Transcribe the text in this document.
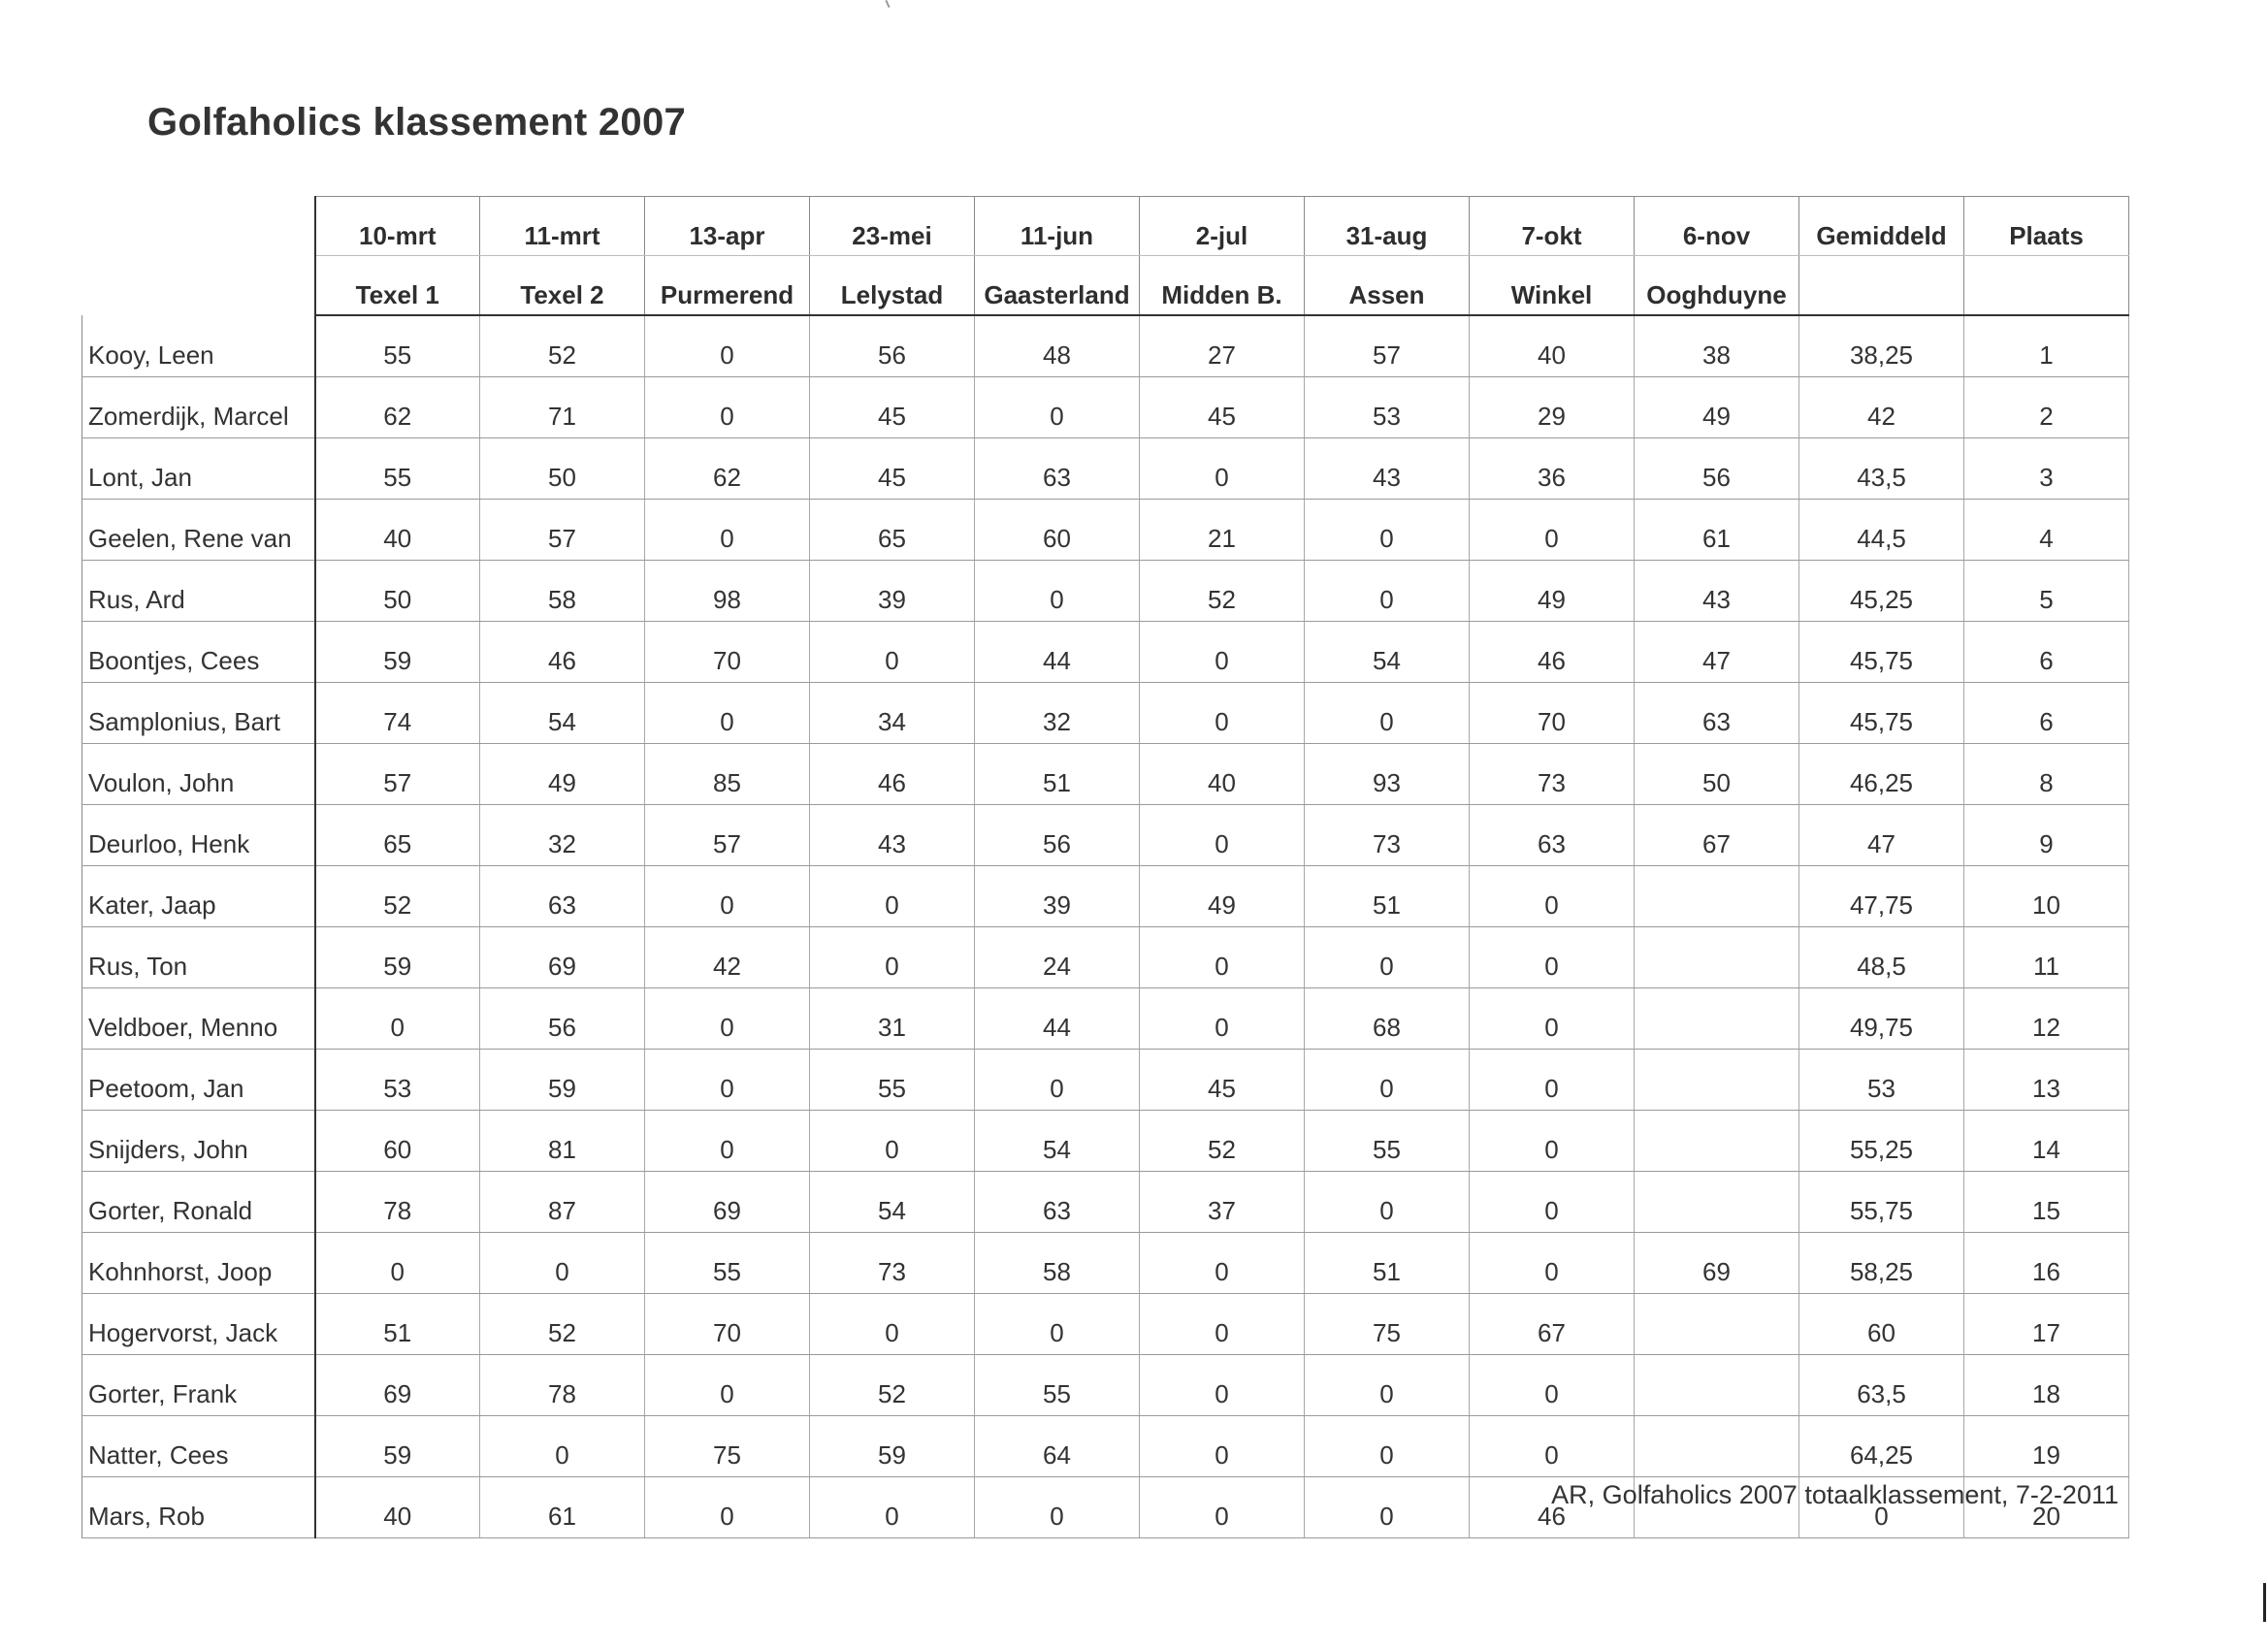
Golfaholics klassement 2007
	10-mrt	11-mrt	13-apr	23-mei	11-jun	2-jul	31-aug	7-okt	6-nov	Gemiddeld	Plaats
	Texel 1	Texel 2	Purmerend	Lelystad	Gaasterland	Midden B.	Assen	Winkel	Ooghduyne		
Kooy, Leen	55	52	0	56	48	27	57	40	38	38,25	1
Zomerdijk, Marcel	62	71	0	45	0	45	53	29	49	42	2
Lont, Jan	55	50	62	45	63	0	43	36	56	43,5	3
Geelen, Rene van	40	57	0	65	60	21	0	0	61	44,5	4
Rus, Ard	50	58	98	39	0	52	0	49	43	45,25	5
Boontjes, Cees	59	46	70	0	44	0	54	46	47	45,75	6
Samplonius, Bart	74	54	0	34	32	0	0	70	63	45,75	6
Voulon, John	57	49	85	46	51	40	93	73	50	46,25	8
Deurloo, Henk	65	32	57	43	56	0	73	63	67	47	9
Kater, Jaap	52	63	0	0	39	49	51	0		47,75	10
Rus, Ton	59	69	42	0	24	0	0	0		48,5	11
Veldboer, Menno	0	56	0	31	44	0	68	0		49,75	12
Peetoom, Jan	53	59	0	55	0	45	0	0		53	13
Snijders, John	60	81	0	0	54	52	55	0		55,25	14
Gorter, Ronald	78	87	69	54	63	37	0	0		55,75	15
Kohnhorst, Joop	0	0	55	73	58	0	51	0	69	58,25	16
Hogervorst, Jack	51	52	70	0	0	0	75	67		60	17
Gorter, Frank	69	78	0	52	55	0	0	0		63,5	18
Natter, Cees	59	0	75	59	64	0	0	0		64,25	19
Mars, Rob	40	61	0	0	0	0	0	46		0	20
AR, Golfaholics 2007 totaalklassement, 7-2-2011
